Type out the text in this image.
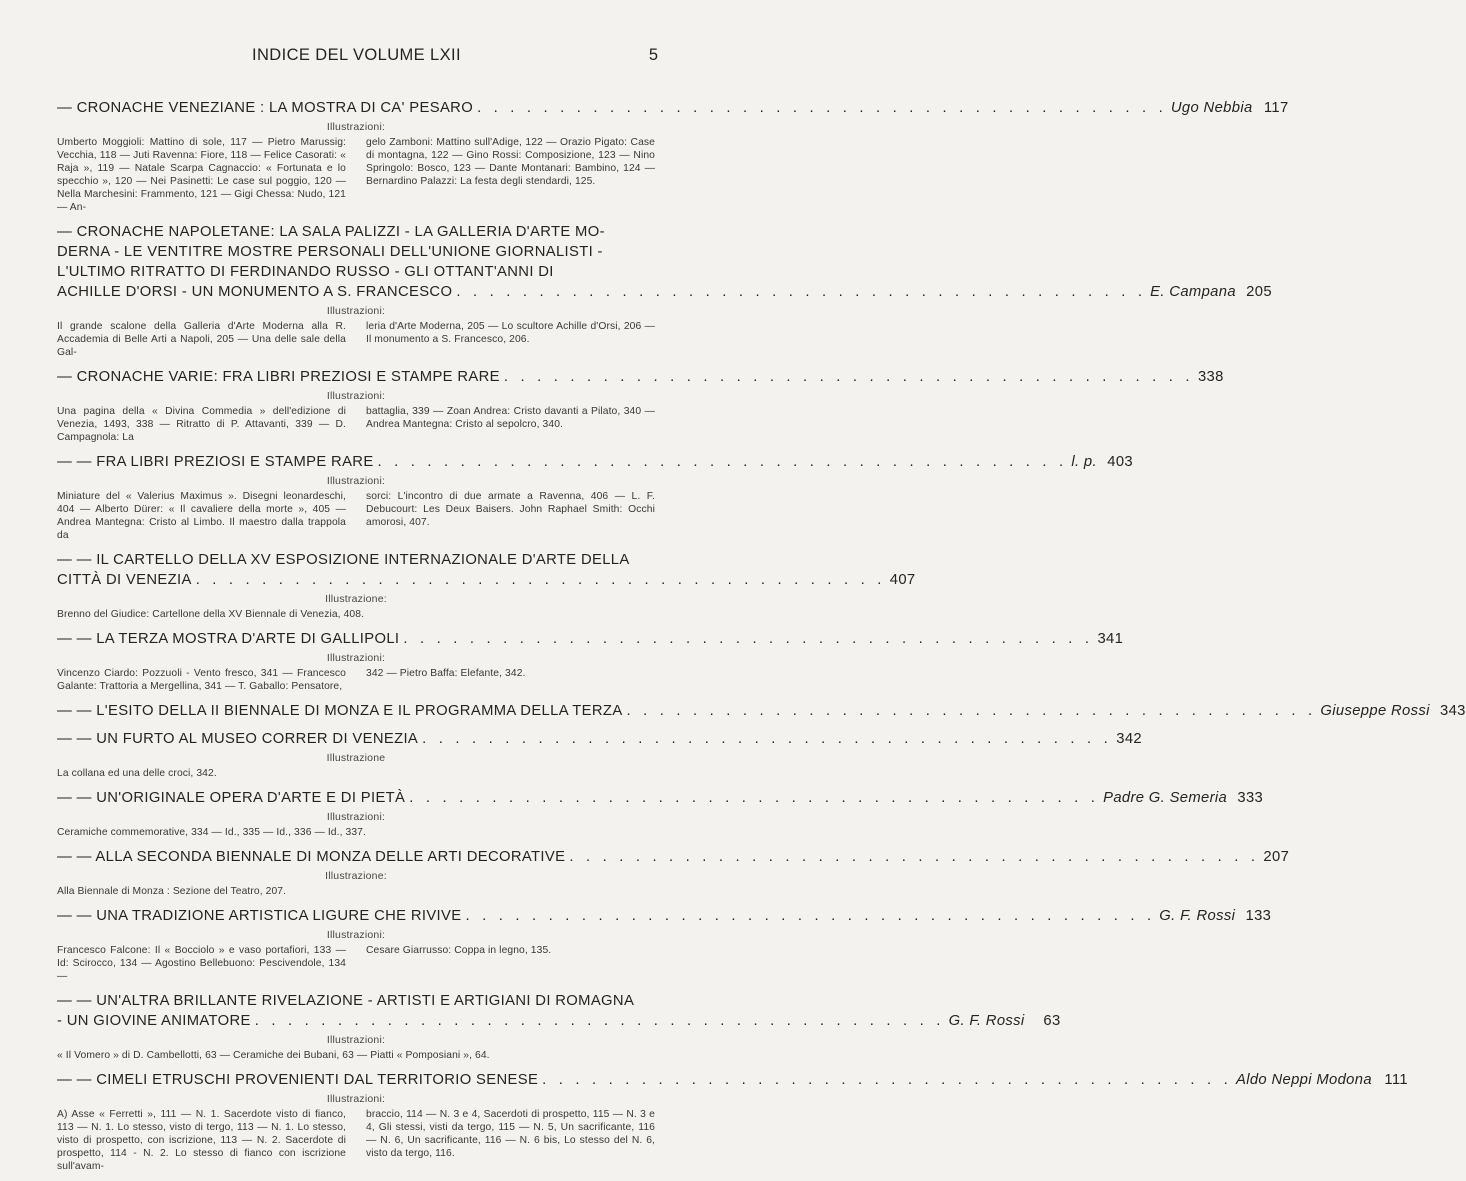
INDICE DEL VOLUME LXII	5
— CRONACHE VENEZIANE : LA MOSTRA DI CA' PESARO . . . . . . . . . . . . . . . . . . . . . . . . . . . . . . . . . . . . . . . . . . Ugo Nebbia 117
Illustrazioni:

Umberto Moggioli: Mattino di sole, 117 — Pietro Marussig: Vecchia, 118 — Juti Ravenna: Fiore, 118 — Felice Casorati: « Raja », 119 — Natale Scarpa Cagnaccio: « Fortunata e lo specchio », 120 — Nei Pasinetti: Le case sul poggio, 120 — Nella Marchesini: Frammento, 121 — Gigi Chessa: Nudo, 121 — An-

gelo Zamboni: Mattino sull'Adige, 122 — Orazio Pigato: Case di montagna, 122 — Gino Rossi: Composizione, 123 — Nino Springolo: Bosco, 123 — Dante Montanari: Bambino, 124 — Bernardino Palazzi: La festa degli stendardi, 125.

— CRONACHE NAPOLETANE: LA SALA PALIZZI - LA GALLERIA D'ARTE MO-
DERNA - LE VENTITRE MOSTRE PERSONALI DELL'UNIONE GIORNALISTI -
L'ULTIMO RITRATTO DI FERDINANDO RUSSO - GLI OTTANT'ANNI DI
ACHILLE D'ORSI - UN MONUMENTO A S. FRANCESCO . . . . . . . . . . . . . . . . . . . . . . . . . . . . . . . . . . . . . . . . . . E. Campana 205
Illustrazioni:

Il grande scalone della Galleria d'Arte Moderna alla R. Accademia di Belle Arti a Napoli, 205 — Una delle sale della Gal-

leria d'Arte Moderna, 205 — Lo scultore Achille d'Orsi, 206 — Il monumento a S. Francesco, 206.

— CRONACHE VARIE: FRA LIBRI PREZIOSI E STAMPE RARE . . . . . . . . . . . . . . . . . . . . . . . . . . . . . . . . . . . . . . . . . . 338
Illustrazioni:

Una pagina della « Divina Commedia » dell'edizione di Venezia, 1493, 338 — Ritratto di P. Attavanti, 339 — D. Campagnola: La

battaglia, 339 — Zoan Andrea: Cristo davanti a Pilato, 340 — Andrea Mantegna: Cristo al sepolcro, 340.

— — FRA LIBRI PREZIOSI E STAMPE RARE . . . . . . . . . . . . . . . . . . . . . . . . . . . . . . . . . . . . . . . . . . l. p. 403
Illustrazioni:

Miniature del « Valerius Maximus ». Disegni leonardeschi, 404 — Alberto Dürer: « Il cavaliere della morte », 405 — Andrea Mantegna: Cristo al Limbo. Il maestro dalla trappola da

sorci: L'incontro di due armate a Ravenna, 406 — L. F. Debucourt: Les Deux Baisers. John Raphael Smith: Occhi amorosi, 407.

— — IL CARTELLO DELLA XV ESPOSIZIONE INTERNAZIONALE D'ARTE DELLA
CITTÀ DI VENEZIA . . . . . . . . . . . . . . . . . . . . . . . . . . . . . . . . . . . . . . . . . . 407
Illustrazione:

Brenno del Giudice: Cartellone della XV Biennale di Venezia, 408.

— — LA TERZA MOSTRA D'ARTE DI GALLIPOLI . . . . . . . . . . . . . . . . . . . . . . . . . . . . . . . . . . . . . . . . . . 341
Illustrazioni:

Vincenzo Ciardo: Pozzuoli - Vento fresco, 341 — Francesco Galante: Trattoria a Mergellina, 341 — T. Gaballo: Pensatore,

342 — Pietro Baffa: Elefante, 342.

— — L'ESITO DELLA II BIENNALE DI MONZA E IL PROGRAMMA DELLA TERZA . . . . . . . . . . . . . . . . . . . . . . . . . . . . . . . . . . . . . . . . . . Giuseppe Rossi 343
— — UN FURTO AL MUSEO CORRER DI VENEZIA . . . . . . . . . . . . . . . . . . . . . . . . . . . . . . . . . . . . . . . . . . 342
Illustrazione

La collana ed una delle croci, 342.

— — UN'ORIGINALE OPERA D'ARTE E DI PIETÀ . . . . . . . . . . . . . . . . . . . . . . . . . . . . . . . . . . . . . . . . . . Padre G. Semeria 333
Illustrazioni:

Ceramiche commemorative, 334 — Id., 335 — Id., 336 — Id., 337.

— — ALLA SECONDA BIENNALE DI MONZA DELLE ARTI DECORATIVE . . . . . . . . . . . . . . . . . . . . . . . . . . . . . . . . . . . . . . . . . . 207
Illustrazione:

Alla Biennale di Monza : Sezione del Teatro, 207.

— — UNA TRADIZIONE ARTISTICA LIGURE CHE RIVIVE . . . . . . . . . . . . . . . . . . . . . . . . . . . . . . . . . . . . . . . . . . G. F. Rossi 133
Illustrazioni:

Francesco Falcone: Il « Bocciolo » e vaso portafiori, 133 — Id: Scirocco, 134 — Agostino Bellebuono: Pescivendole, 134 —

Cesare Giarrusso: Coppa in legno, 135.

— — UN'ALTRA BRILLANTE RIVELAZIONE - ARTISTI E ARTIGIANI DI ROMAGNA
- UN GIOVINE ANIMATORE . . . . . . . . . . . . . . . . . . . . . . . . . . . . . . . . . . . . . . . . . . G. F. Rossi	63
Illustrazioni:

« Il Vomero » di D. Cambellotti, 63 — Ceramiche dei Bubani, 63 — Piatti « Pomposiani », 64.

— — CIMELI ETRUSCHI PROVENIENTI DAL TERRITORIO SENESE . . . . . . . . . . . . . . . . . . . . . . . . . . . . . . . . . . . . . . . . . . Aldo Neppi Modona 111
Illustrazioni:

A) Asse « Ferretti », 111 — N. 1. Sacerdote visto di fianco, 113 — N. 1. Lo stesso, visto di tergo, 113 — N. 1. Lo stesso, visto di prospetto, con iscrizione, 113 — N. 2. Sacerdote di prospetto, 114 - N. 2. Lo stesso di fianco con iscrizione sull'avam-

braccio, 114 — N. 3 e 4, Sacerdoti di prospetto, 115 — N. 3 e 4, Gli stessi, visti da tergo, 115 — N. 5, Un sacrificante, 116 — N. 6, Un sacrificante, 116 — N. 6 bis, Lo stesso del N. 6, visto da tergo, 116.
